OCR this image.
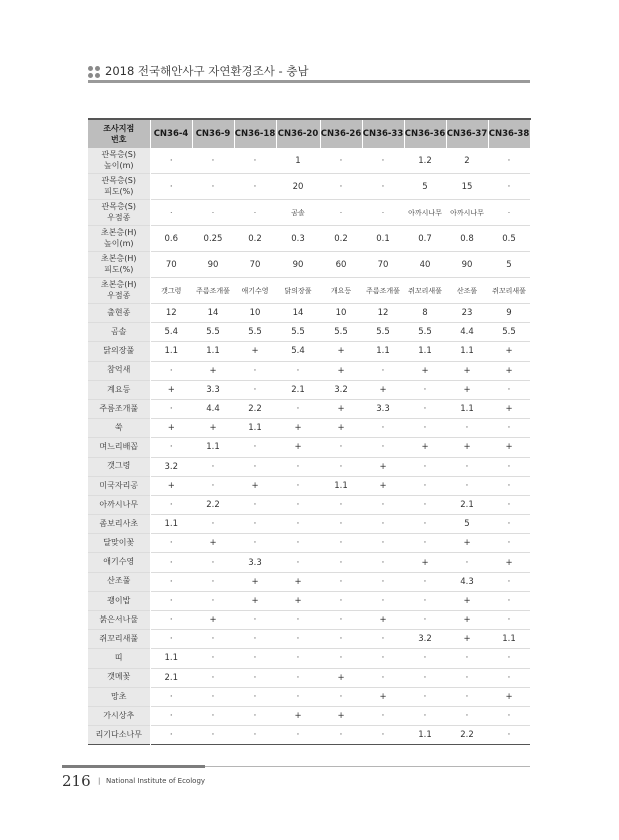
2018 전국해안사구 자연환경조사 - 충남
조사지점
번호	CN36-4	CN36-9	CN36-18	CN36-20	CN36-26	CN36-33	CN36-36	CN36-37	CN36-38
관목층(S)
높이(m)	·	·	·	1	·	·	1.2	2	·
관목층(S)
피도(%)	·	·	·	20	·	·	5	15	·
관목층(S)
우점종	·	·	·	곰솔	·	·	아까시나무	아까시나무	·
초본층(H)
높이(m)	0.6	0.25	0.2	0.3	0.2	0.1	0.7	0.8	0.5
초본층(H)
피도(%)	70	90	70	90	60	70	40	90	5
초본층(H)
우점종	갯그령	주름조개풀	애기수영	닭의장풀	개요등	주름조개풀	쥐꼬리새풀	산조풀	쥐꼬리새풀
출현종	12	14	10	14	10	12	8	23	9
곰솔	5.4	5.5	5.5	5.5	5.5	5.5	5.5	4.4	5.5
닭의장풀	1.1	1.1	+	5.4	+	1.1	1.1	1.1	+
참억새	·	+	·	·	+	·	+	+	+
계요등	+	3.3	·	2.1	3.2	+	·	+	·
주름조개풀	·	4.4	2.2	·	+	3.3	·	1.1	+
쑥	+	+	1.1	+	+	·	·	·	·
며느리배꼽	·	1.1	·	+	·	·	+	+	+
갯그령	3.2	·	·	·	·	+	·	·	·
미국자리공	+	·	+	·	1.1	+	·	·	·
아까시나무	·	2.2	·	·	·	·	·	2.1	·
좀보리사초	1.1	·	·	·	·	·	·	5	·
달맞이꽃	·	+	·	·	·	·	·	+	·
애기수영	·	·	3.3	·	·	·	+	·	+
산조풀	·	·	+	+	·	·	·	4.3	·
괭이밥	·	·	+	+	·	·	·	+	·
붉은서나물	·	+	·	·	·	+	·	+	·
쥐꼬리새풀	·	·	·	·	·	·	3.2	+	1.1
띠	1.1	·	·	·	·	·	·	·	·
갯메꽃	2.1	·	·	·	+	·	·	·	·
망초	·	·	·	·	·	+	·	·	+
가시상추	·	·	·	+	+	·	·	·	·
리기다소나무	·	·	·	·	·	·	1.1	2.2	·
216 | National Institute of Ecology
